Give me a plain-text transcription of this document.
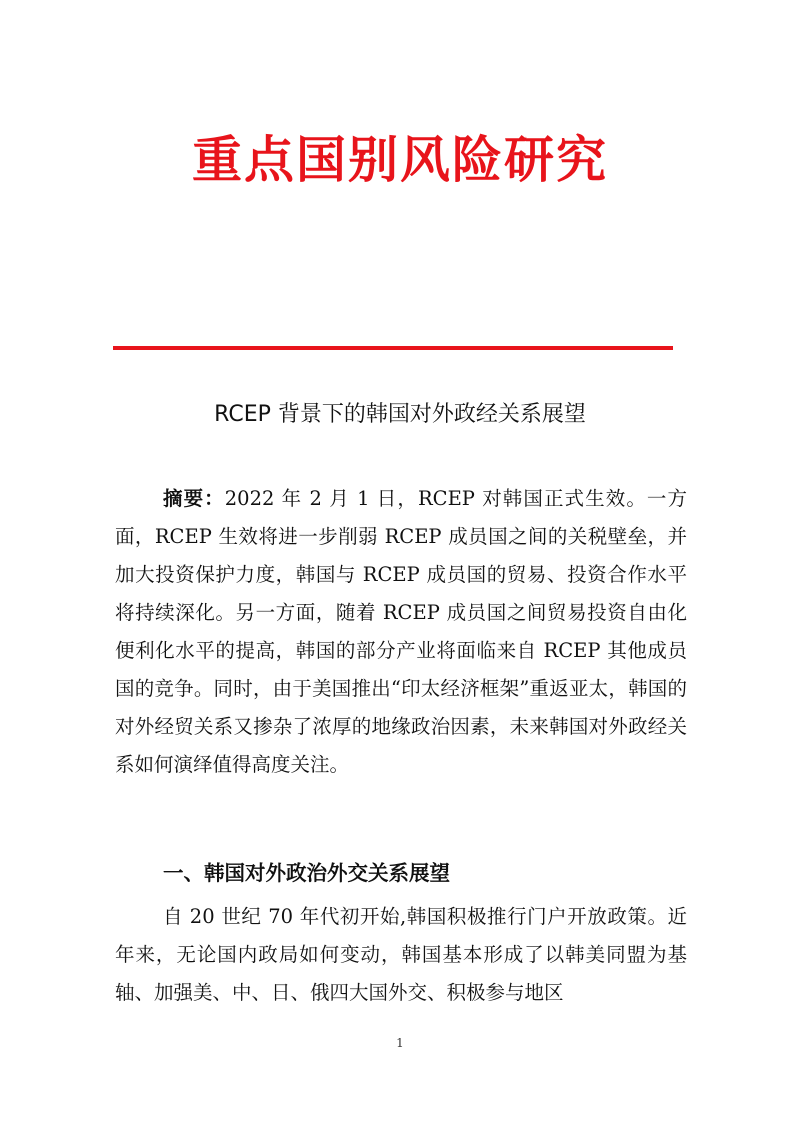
重点国别风险研究
RCEP 背景下的韩国对外政经关系展望
摘要：2022 年 2 月 1 日，RCEP 对韩国正式生效。一方面，RCEP 生效将进一步削弱 RCEP 成员国之间的关税壁垒，并加大投资保护力度，韩国与 RCEP 成员国的贸易、投资合作水平将持续深化。另一方面，随着 RCEP 成员国之间贸易投资自由化便利化水平的提高，韩国的部分产业将面临来自 RCEP 其他成员国的竞争。同时，由于美国推出“印太经济框架”重返亚太，韩国的对外经贸关系又掺杂了浓厚的地缘政治因素，未来韩国对外政经关系如何演绎值得高度关注。
一、韩国对外政治外交关系展望
自 20 世纪 70 年代初开始,韩国积极推行门户开放政策。近年来，无论国内政局如何变动，韩国基本形成了以韩美同盟为基轴、加强美、中、日、俄四大国外交、积极参与地区
1
